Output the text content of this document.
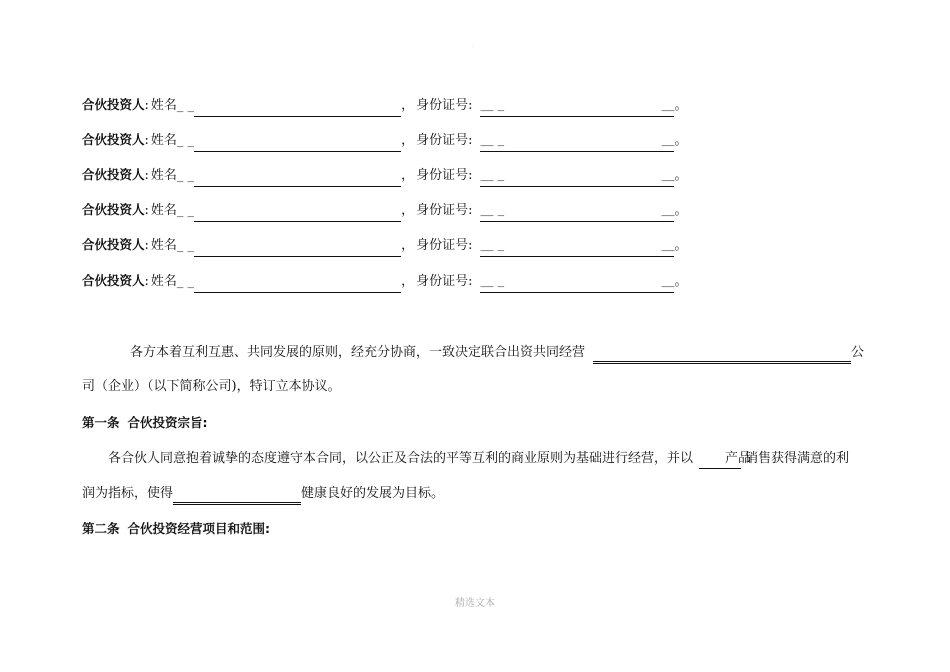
·
合伙投资人: 姓名_ _	， 身份证号: __ _	__ 。
合伙投资人: 姓名_ _	， 身份证号: __ _	__ 。
合伙投资人: 姓名_ _	， 身份证号: __ _	__ 。
合伙投资人: 姓名_ _	， 身份证号: __ _	__ 。
合伙投资人: 姓名_ _	， 身份证号: __ _	__ 。
合伙投资人: 姓名_ _	， 身份证号: __ _	__ 。
各方本着互利互惠、共同发展的原则，经充分协商，一致决定联合出资共同经营	公
司（企业）（以下简称公司)，特订立本协议。
第一条 合伙投资宗旨:
各合伙人同意抱着诚挚的态度遵守本合同，以公正及合法的平等互利的商业原则为基础进行经营，并以 产品销售获得满意的利
润为指标，使得	健康良好的发展为目标。
第二条 合伙投资经营项目和范围:
精选文本
